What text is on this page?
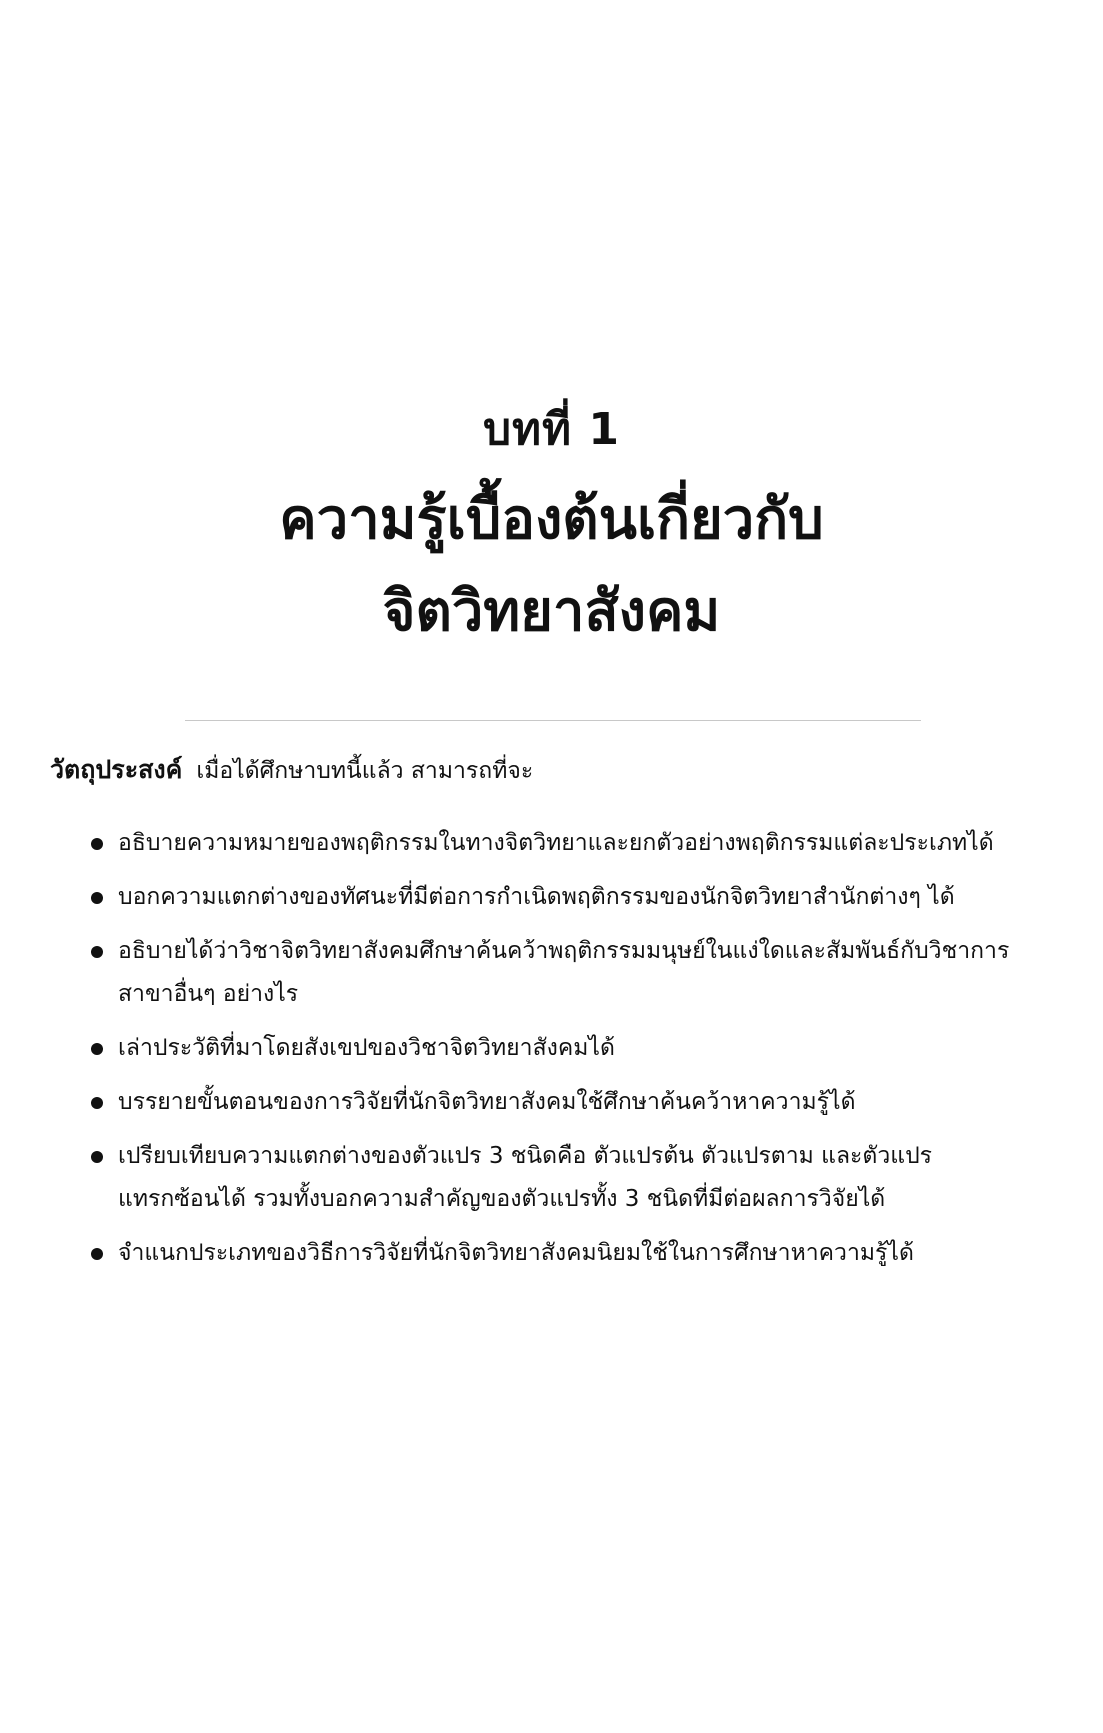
บทที่ 1
ความรู้เบื้องต้นเกี่ยวกับ
จิตวิทยาสังคม
วัตถุประสงค์ เมื่อได้ศึกษาบทนี้แล้ว สามารถที่จะ
อธิบายความหมายของพฤติกรรมในทางจิตวิทยาและยกตัวอย่างพฤติกรรมแต่ละประเภทได้
บอกความแตกต่างของทัศนะที่มีต่อการกำเนิดพฤติกรรมของนักจิตวิทยาสำนักต่างๆ ได้
อธิบายได้ว่าวิชาจิตวิทยาสังคมศึกษาค้นคว้าพฤติกรรมมนุษย์ในแง่ใดและสัมพันธ์กับวิชาการสาขาอื่นๆ อย่างไร
เล่าประวัติที่มาโดยสังเขปของวิชาจิตวิทยาสังคมได้
บรรยายขั้นตอนของการวิจัยที่นักจิตวิทยาสังคมใช้ศึกษาค้นคว้าหาความรู้ได้
เปรียบเทียบความแตกต่างของตัวแปร 3 ชนิดคือ ตัวแปรต้น ตัวแปรตาม และตัวแปรแทรกซ้อนได้ รวมทั้งบอกความสำคัญของตัวแปรทั้ง 3 ชนิดที่มีต่อผลการวิจัยได้
จำแนกประเภทของวิธีการวิจัยที่นักจิตวิทยาสังคมนิยมใช้ในการศึกษาหาความรู้ได้
